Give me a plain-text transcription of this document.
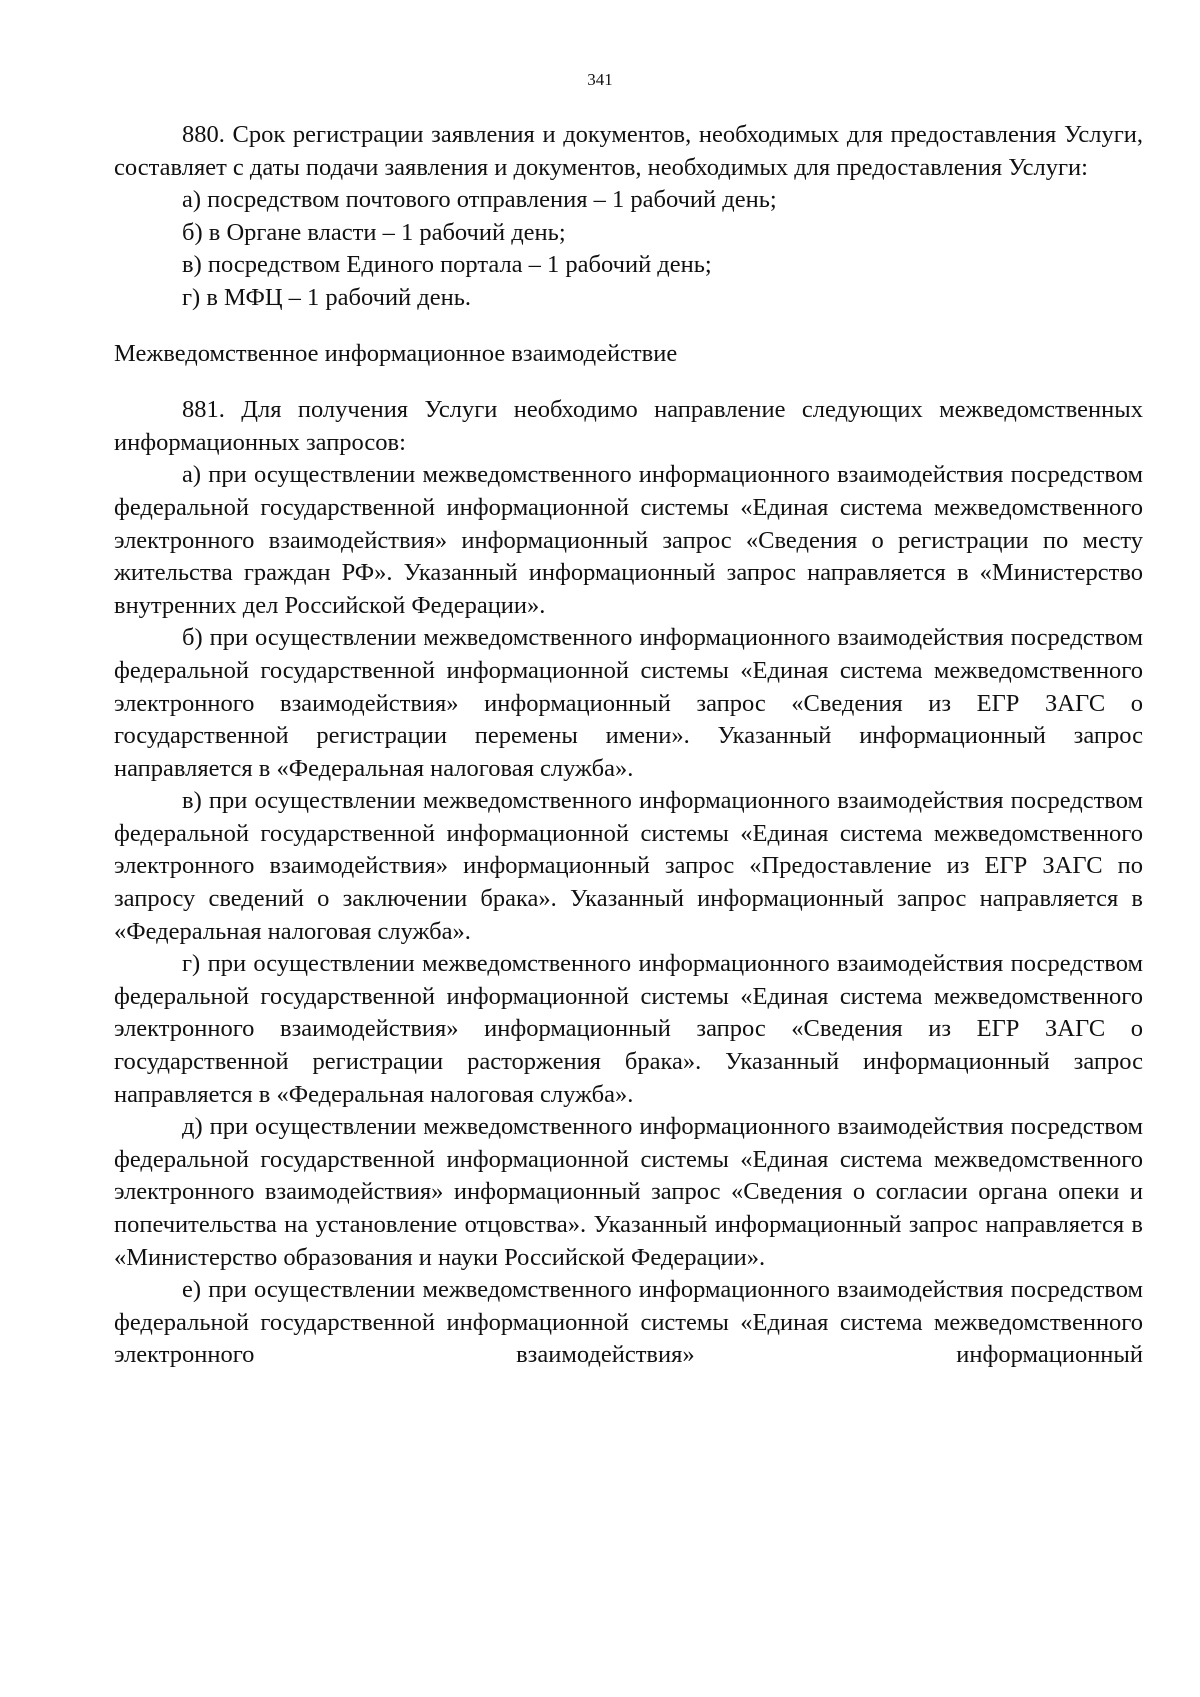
341

880. Срок регистрации заявления и документов, необходимых для предоставления Услуги, составляет с даты подачи заявления и документов, необходимых для предоставления Услуги:

а) посредством почтового отправления – 1 рабочий день;

б) в Органе власти – 1 рабочий день;

в) посредством Единого портала – 1 рабочий день;

г) в МФЦ – 1 рабочий день.

Межведомственное информационное взаимодействие

881. Для получения Услуги необходимо направление следующих межведомственных информационных запросов:

а) при осуществлении межведомственного информационного взаимодействия посредством федеральной государственной информационной системы «Единая система межведомственного электронного взаимодействия» информационный запрос «Сведения о регистрации по месту жительства граждан РФ». Указанный информационный запрос направляется в «Министерство внутренних дел Российской Федерации».

б) при осуществлении межведомственного информационного взаимодействия посредством федеральной государственной информационной системы «Единая система межведомственного электронного взаимодействия» информационный запрос «Сведения из ЕГР ЗАГС о государственной регистрации перемены имени». Указанный информационный запрос направляется в «Федеральная налоговая служба».

в) при осуществлении межведомственного информационного взаимодействия посредством федеральной государственной информационной системы «Единая система межведомственного электронного взаимодействия» информационный запрос «Предоставление из ЕГР ЗАГС по запросу сведений о заключении брака». Указанный информационный запрос направляется в «Федеральная налоговая служба».

г) при осуществлении межведомственного информационного взаимодействия посредством федеральной государственной информационной системы «Единая система межведомственного электронного взаимодействия» информационный запрос «Сведения из ЕГР ЗАГС о государственной регистрации расторжения брака». Указанный информационный запрос направляется в «Федеральная налоговая служба».

д) при осуществлении межведомственного информационного взаимодействия посредством федеральной государственной информационной системы «Единая система межведомственного электронного взаимодействия» информационный запрос «Сведения о согласии органа опеки и попечительства на установление отцовства». Указанный информационный запрос направляется в «Министерство образования и науки Российской Федерации».

е) при осуществлении межведомственного информационного взаимодействия посредством федеральной государственной информационной системы «Единая система межведомственного электронного взаимодействия» информационный
